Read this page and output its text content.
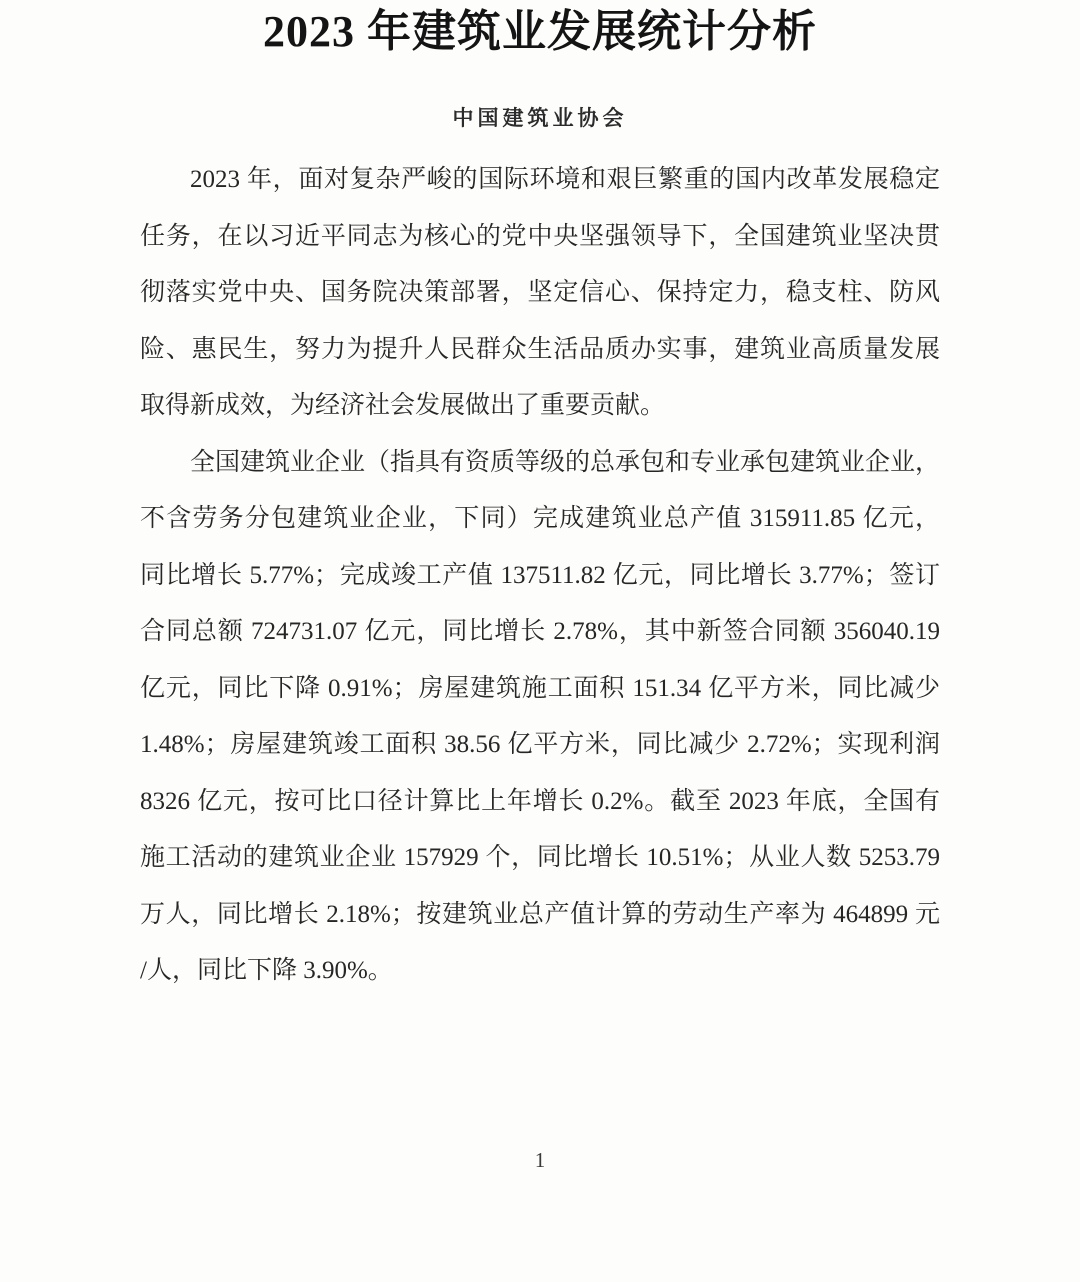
2023 年建筑业发展统计分析
中国建筑业协会
2023 年，面对复杂严峻的国际环境和艰巨繁重的国内改革发展稳定
任务，在以习近平同志为核心的党中央坚强领导下，全国建筑业坚决贯
彻落实党中央、国务院决策部署，坚定信心、保持定力，稳支柱、防风
险、惠民生，努力为提升人民群众生活品质办实事，建筑业高质量发展
取得新成效，为经济社会发展做出了重要贡献。
全国建筑业企业（指具有资质等级的总承包和专业承包建筑业企业，
不含劳务分包建筑业企业，下同）完成建筑业总产值 315911.85 亿元，
同比增长 5.77%；完成竣工产值 137511.82 亿元，同比增长 3.77%；签订
合同总额 724731.07 亿元，同比增长 2.78%，其中新签合同额 356040.19
亿元，同比下降 0.91%；房屋建筑施工面积 151.34 亿平方米，同比减少
1.48%；房屋建筑竣工面积 38.56 亿平方米，同比减少 2.72%；实现利润
8326 亿元，按可比口径计算比上年增长 0.2%。截至 2023 年底，全国有
施工活动的建筑业企业 157929 个，同比增长 10.51%；从业人数 5253.79
万人，同比增长 2.18%；按建筑业总产值计算的劳动生产率为 464899 元
/人，同比下降 3.90%。
1
